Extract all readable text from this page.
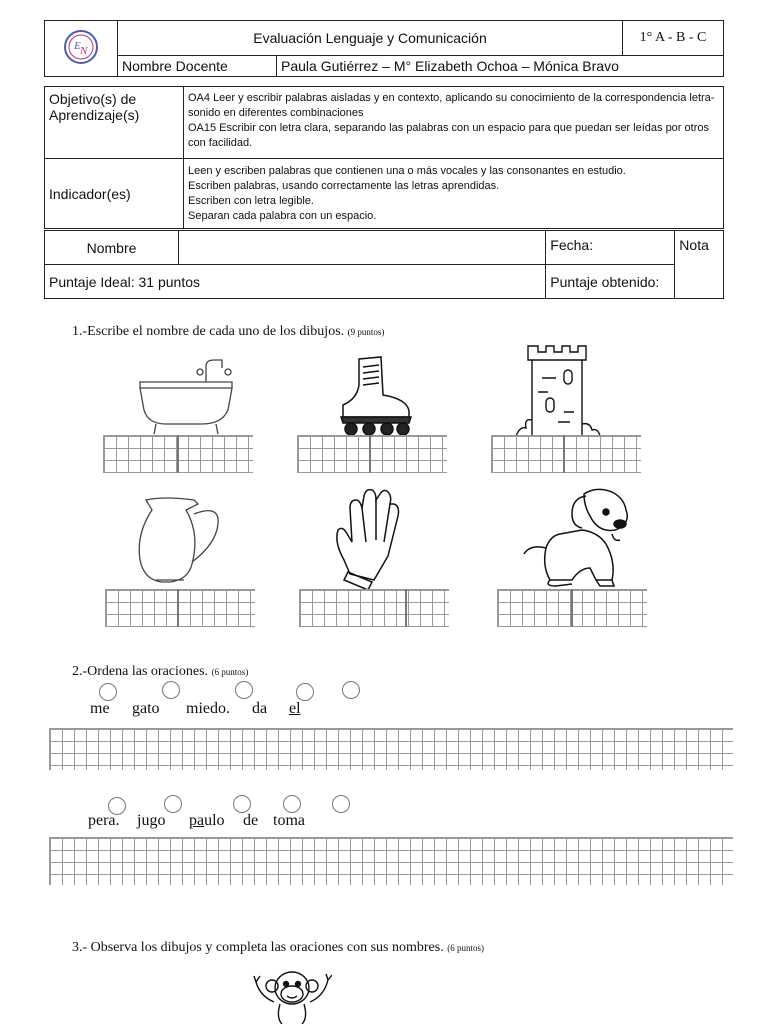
E N	Evaluación Lenguaje y Comunicación		1° A - B - C
	Nombre Docente	Paula Gutiérrez – M° Elizabeth Ochoa – Mónica Bravo	
Objetivo(s) de Aprendizaje(s)	OA4 Leer y escribir palabras aisladas y en contexto, aplicando su conocimiento de la correspondencia letra-sonido en diferentes combinaciones
OA15 Escribir con letra clara, separando las palabras con un espacio para que puedan ser leídas por otros con facilidad.

Indicador(es)	Leen y escriben palabras que contienen una o más vocales y las consonantes en estudio.
Escriben palabras, usando correctamente las letras aprendidas.
Escriben con letra legible.
Separan cada palabra con un espacio.
Nombre		Fecha:	Nota
Puntaje Ideal: 31 puntos		Puntaje obtenido:	
1.-Escribe el nombre de cada uno de los dibujos. (9 puntos)
2.-Ordena las oraciones. (6 puntos)
me gato miedo. da el
pera. jugo paulo de toma
3.- Observa los dibujos y completa las oraciones con sus nombres. (6 puntos)
